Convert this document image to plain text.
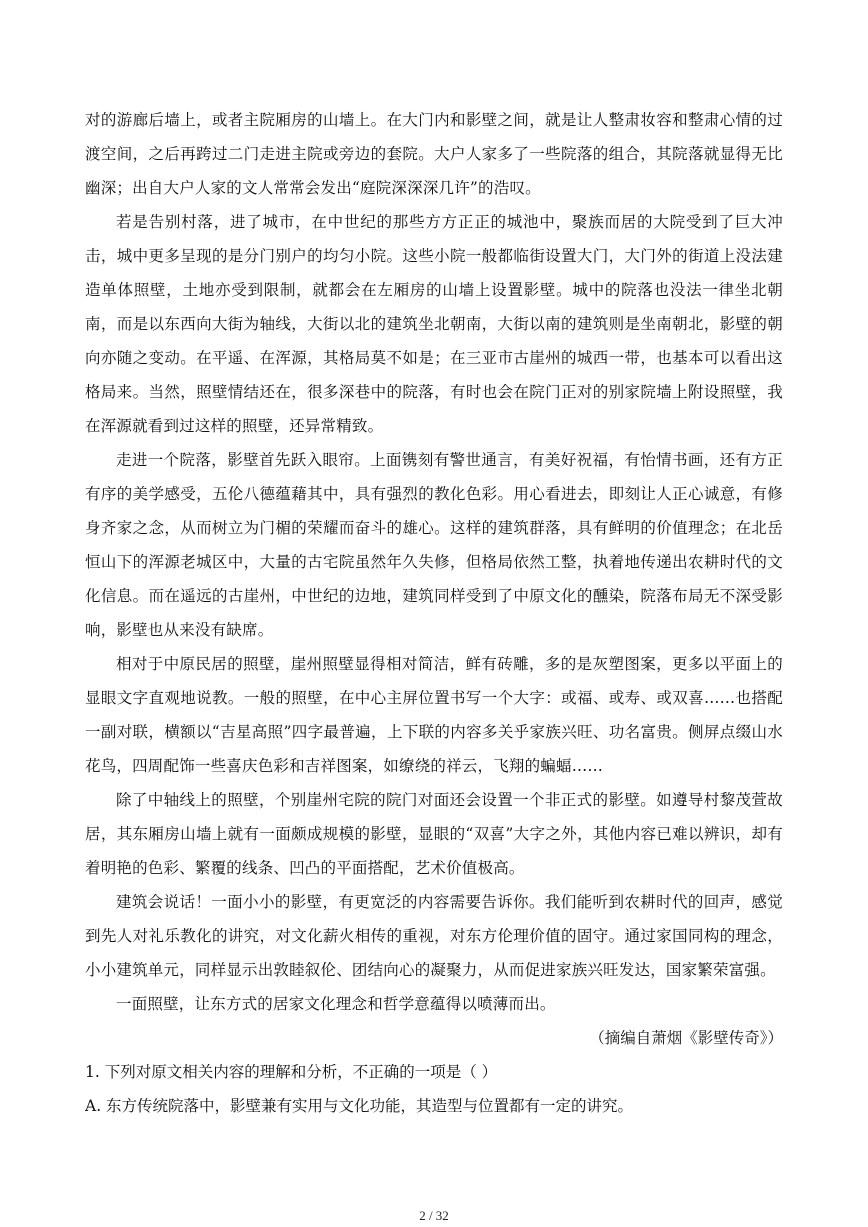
对的游廊后墙上，或者主院厢房的山墙上。在大门内和影壁之间，就是让人整肃妆容和整肃心情的过渡空间，之后再跨过二门走进主院或旁边的套院。大户人家多了一些院落的组合，其院落就显得无比幽深；出自大户人家的文人常常会发出“庭院深深深几许”的浩叹。

若是告别村落，进了城市，在中世纪的那些方方正正的城池中，聚族而居的大院受到了巨大冲击，城中更多呈现的是分门别户的均匀小院。这些小院一般都临街设置大门，大门外的街道上没法建造单体照壁，土地亦受到限制，就都会在左厢房的山墙上设置影壁。城中的院落也没法一律坐北朝南，而是以东西向大街为轴线，大街以北的建筑坐北朝南，大街以南的建筑则是坐南朝北，影壁的朝向亦随之变动。在平遥、在浑源，其格局莫不如是；在三亚市古崖州的城西一带，也基本可以看出这格局来。当然，照壁情结还在，很多深巷中的院落，有时也会在院门正对的别家院墙上附设照壁，我在浑源就看到过这样的照壁，还异常精致。

走进一个院落，影壁首先跃入眼帘。上面镌刻有警世通言，有美好祝福，有怡情书画，还有方正有序的美学感受，五伦八德蕴藉其中，具有强烈的教化色彩。用心看进去，即刻让人正心诚意，有修身齐家之念，从而树立为门楣的荣耀而奋斗的雄心。这样的建筑群落，具有鲜明的价值理念；在北岳恒山下的浑源老城区中，大量的古宅院虽然年久失修，但格局依然工整，执着地传递出农耕时代的文化信息。而在遥远的古崖州，中世纪的边地，建筑同样受到了中原文化的醺染，院落布局无不深受影响，影壁也从来没有缺席。

相对于中原民居的照壁，崖州照壁显得相对简洁，鲜有砖雕，多的是灰塑图案，更多以平面上的显眼文字直观地说教。一般的照壁，在中心主屏位置书写一个大字：或福、或寿、或双喜……也搭配一副对联，横额以“吉星高照”四字最普遍，上下联的内容多关乎家族兴旺、功名富贵。侧屏点缀山水花鸟，四周配饰一些喜庆色彩和吉祥图案，如缭绕的祥云，飞翔的蝙蝠……

除了中轴线上的照壁，个别崖州宅院的院门对面还会设置一个非正式的影壁。如遵导村黎茂萱故居，其东厢房山墙上就有一面颇成规模的影壁，显眼的“双喜”大字之外，其他内容已难以辨识，却有着明艳的色彩、繁覆的线条、凹凸的平面搭配，艺术价值极高。

建筑会说话！一面小小的影壁，有更宽泛的内容需要告诉你。我们能听到农耕时代的回声，感觉到先人对礼乐教化的讲究，对文化薪火相传的重视，对东方伦理价值的固守。通过家国同构的理念，小小建筑单元，同样显示出敦睦叙伦、团结向心的凝聚力，从而促进家族兴旺发达，国家繁荣富强。

一面照壁，让东方式的居家文化理念和哲学意蕴得以喷薄而出。

（摘编自萧烟《影壁传奇》）

1. 下列对原文相关内容的理解和分析，不正确的一项是（ ）

A. 东方传统院落中，影壁兼有实用与文化功能，其造型与位置都有一定的讲究。

2 / 32
